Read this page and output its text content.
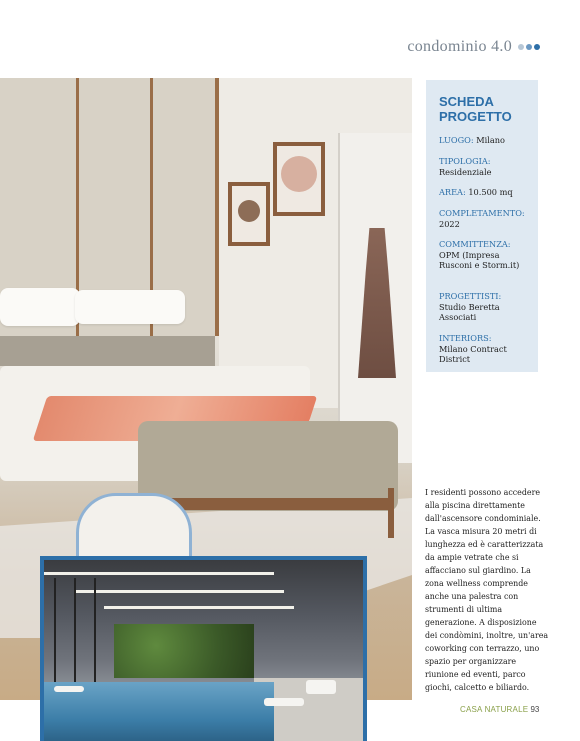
condominio 4.0
SCHEDA PROGETTO
LUOGO: Milano
TIPOLOGIA:
Residenziale
AREA: 10.500 mq
COMPLETAMENTO:
2022
COMMITTENZA:
OPM (Impresa Rusconi e Storm.it)
PROGETTISTI:
Studio Beretta Associati
INTERIORS:
Milano Contract District
I residenti possono accedere alla piscina direttamente dall'ascensore condominiale. La vasca misura 20 metri di lunghezza ed è caratterizzata da ampie vetrate che si affacciano sul giardino. La zona wellness comprende anche una palestra con strumenti di ultima generazione. A disposizione dei condòmini, inoltre, un'area coworking con terrazzo, uno spazio per organizzare riunione ed eventi, parco giochi, calcetto e biliardo.
CASA NATURALE 93
